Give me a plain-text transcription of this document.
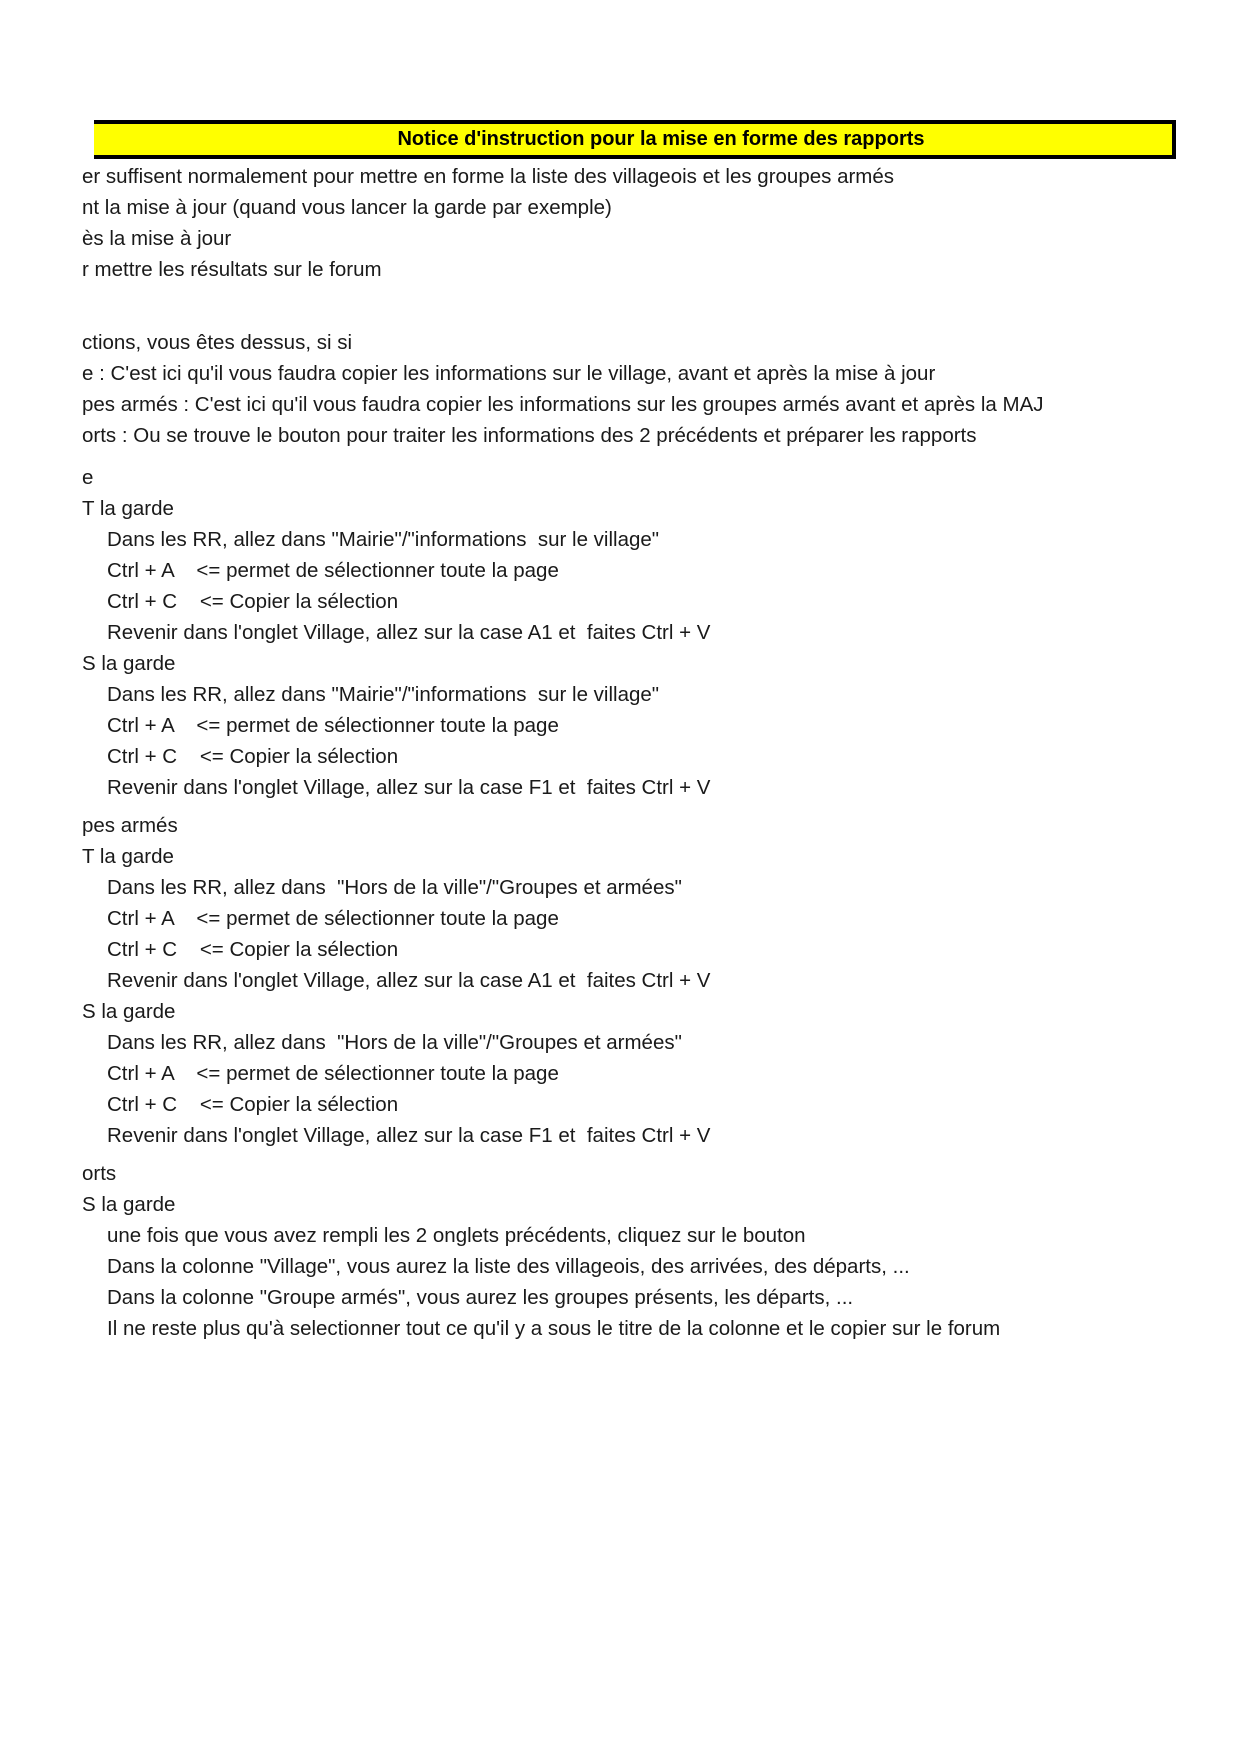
Notice d'instruction pour la mise en forme des rapports
er suffisent normalement pour mettre en forme la liste des villageois et les groupes armés
nt la mise à jour (quand vous lancer la garde par exemple)
ès la mise à jour
r mettre les résultats sur le forum
ctions, vous êtes dessus, si si
e : C'est ici qu'il vous faudra copier les informations sur le village, avant et après la mise à jour
pes armés : C'est ici qu'il vous faudra copier les informations sur les groupes armés avant et après la MAJ
orts : Ou se trouve le bouton pour traiter les informations des 2 précédents et préparer les rapports
e
T la garde
Dans les RR, allez dans "Mairie"/"informations  sur le village"
Ctrl + A    <= permet de sélectionner toute la page
Ctrl + C    <= Copier la sélection
Revenir dans l'onglet Village, allez sur la case A1 et  faites Ctrl + V
S la garde
Dans les RR, allez dans "Mairie"/"informations  sur le village"
Ctrl + A    <= permet de sélectionner toute la page
Ctrl + C    <= Copier la sélection
Revenir dans l'onglet Village, allez sur la case F1 et  faites Ctrl + V
pes armés
T la garde
Dans les RR, allez dans  "Hors de la ville"/"Groupes et armées"
Ctrl + A    <= permet de sélectionner toute la page
Ctrl + C    <= Copier la sélection
Revenir dans l'onglet Village, allez sur la case A1 et  faites Ctrl + V
S la garde
Dans les RR, allez dans  "Hors de la ville"/"Groupes et armées"
Ctrl + A    <= permet de sélectionner toute la page
Ctrl + C    <= Copier la sélection
Revenir dans l'onglet Village, allez sur la case F1 et  faites Ctrl + V
orts
S la garde
une fois que vous avez rempli les 2 onglets précédents, cliquez sur le bouton
Dans la colonne "Village", vous aurez la liste des villageois, des arrivées, des départs, ...
Dans la colonne "Groupe armés", vous aurez les groupes présents, les départs, ...
Il ne reste plus qu'à selectionner tout ce qu'il y a sous le titre de la colonne et le copier sur le forum
